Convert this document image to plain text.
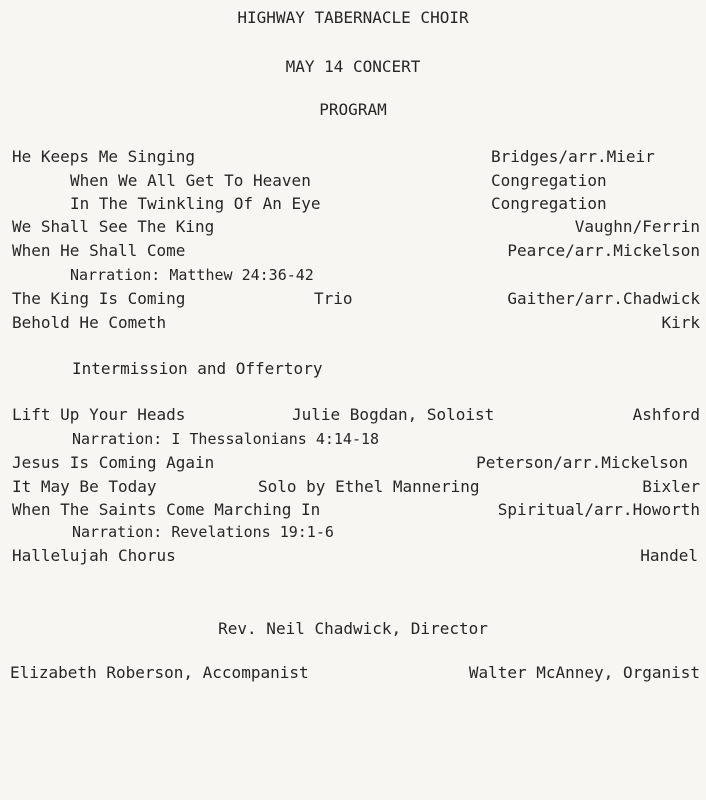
HIGHWAY TABERNACLE CHOIR
MAY 14 CONCERT
PROGRAM
He Keeps Me Singing	Bridges/arr.Mieir
When We All Get To Heaven	Congregation
In The Twinkling Of An Eye	Congregation
We Shall See The King	Vaughn/Ferrin
When He Shall Come	Pearce/arr.Mickelson
Narration: Matthew 24:36-42
The King Is Coming	Trio	Gaither/arr.Chadwick
Behold He Cometh	Kirk
Intermission and Offertory
Lift Up Your Heads	Julie Bogdan, Soloist	Ashford
Narration: I Thessalonians 4:14-18
Jesus Is Coming Again	Peterson/arr.Mickelson
It May Be Today	Solo by Ethel Mannering	Bixler
When The Saints Come Marching In	Spiritual/arr.Howorth
Narration: Revelations 19:1-6
Hallelujah Chorus	Handel
Rev. Neil Chadwick, Director
Elizabeth Roberson, Accompanist	Walter McAnney, Organist
